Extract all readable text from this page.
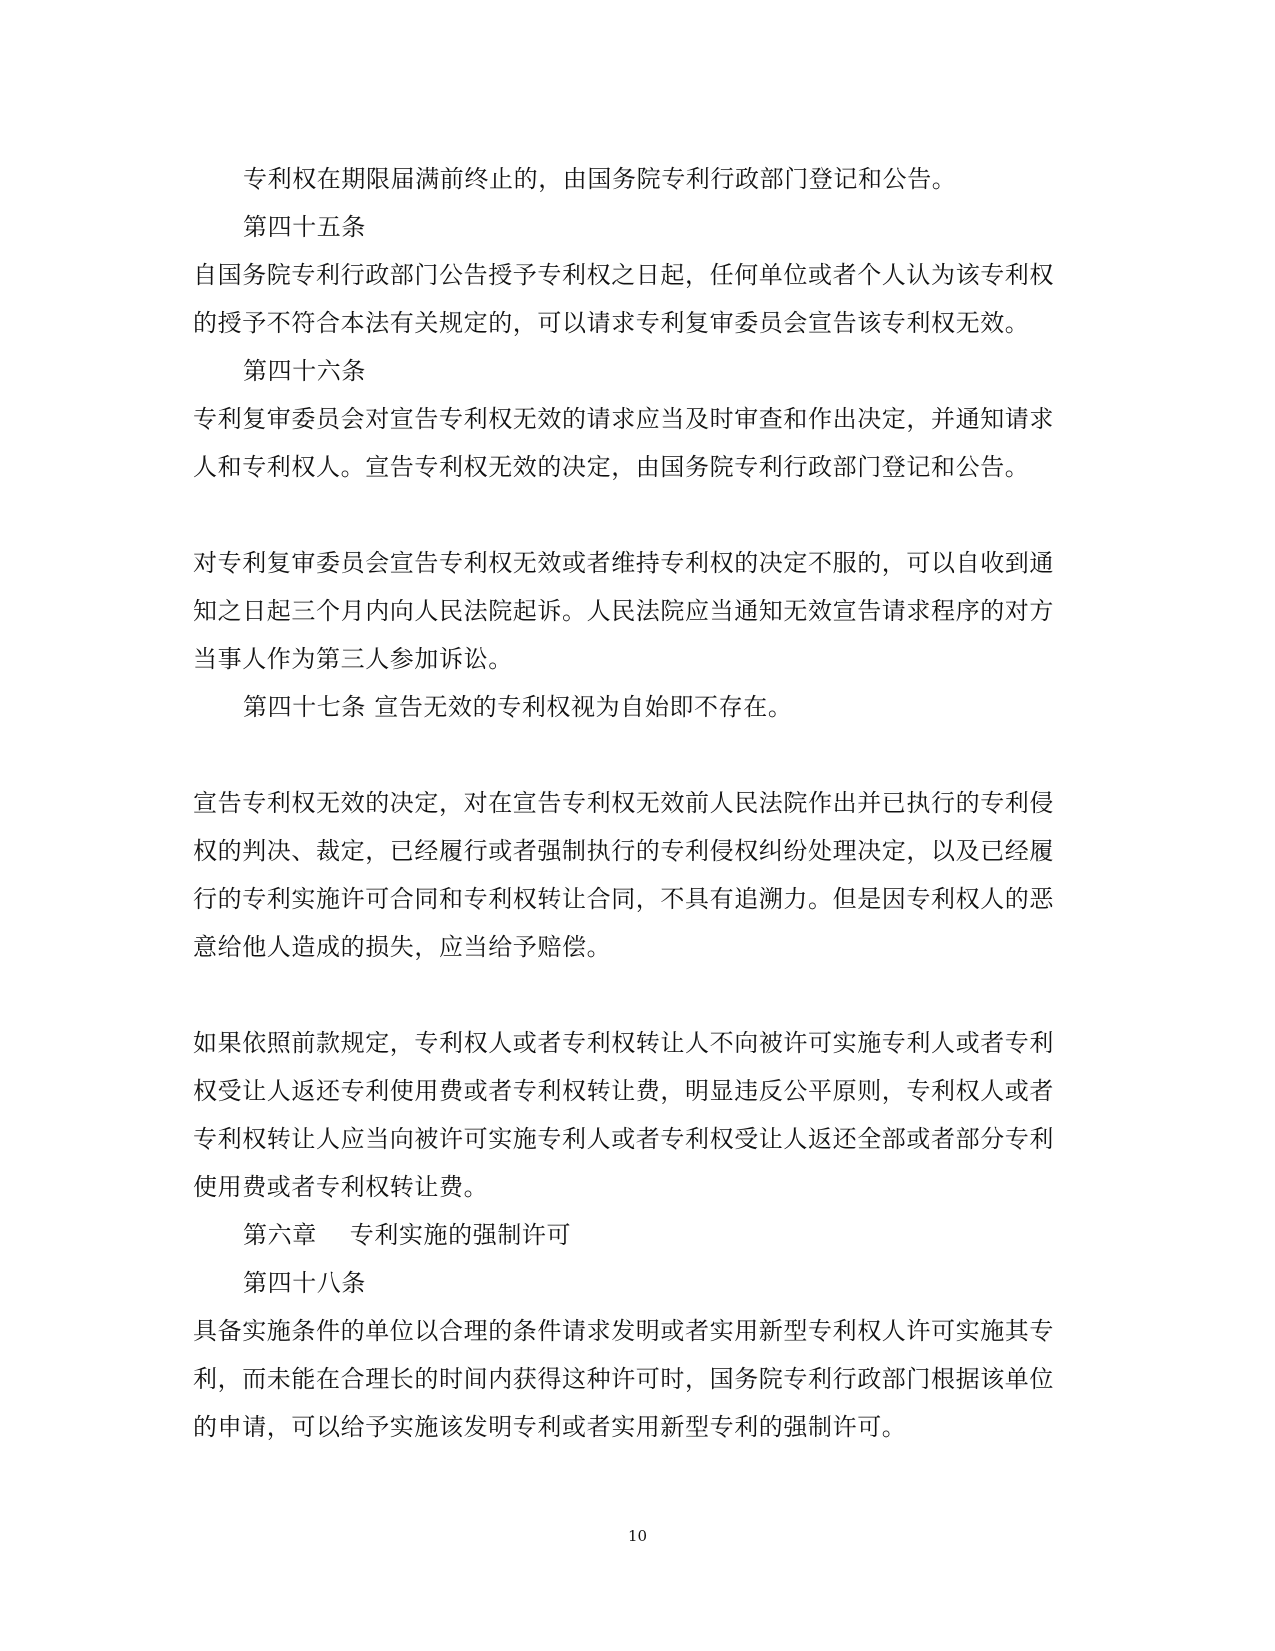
专利权在期限届满前终止的，由国务院专利行政部门登记和公告。
第四十五条
自国务院专利行政部门公告授予专利权之日起，任何单位或者个人认为该专利权
的授予不符合本法有关规定的，可以请求专利复审委员会宣告该专利权无效。
第四十六条
专利复审委员会对宣告专利权无效的请求应当及时审查和作出决定，并通知请求
人和专利权人。宣告专利权无效的决定，由国务院专利行政部门登记和公告。
对专利复审委员会宣告专利权无效或者维持专利权的决定不服的，可以自收到通
知之日起三个月内向人民法院起诉。人民法院应当通知无效宣告请求程序的对方
当事人作为第三人参加诉讼。
第四十七条 宣告无效的专利权视为自始即不存在。
宣告专利权无效的决定，对在宣告专利权无效前人民法院作出并已执行的专利侵
权的判决、裁定，已经履行或者强制执行的专利侵权纠纷处理决定，以及已经履
行的专利实施许可合同和专利权转让合同，不具有追溯力。但是因专利权人的恶
意给他人造成的损失，应当给予赔偿。
如果依照前款规定，专利权人或者专利权转让人不向被许可实施专利人或者专利
权受让人返还专利使用费或者专利权转让费，明显违反公平原则，专利权人或者
专利权转让人应当向被许可实施专利人或者专利权受让人返还全部或者部分专利
使用费或者专利权转让费。
第六章    专利实施的强制许可
第四十八条
具备实施条件的单位以合理的条件请求发明或者实用新型专利权人许可实施其专
利，而未能在合理长的时间内获得这种许可时，国务院专利行政部门根据该单位
的申请，可以给予实施该发明专利或者实用新型专利的强制许可。
10
